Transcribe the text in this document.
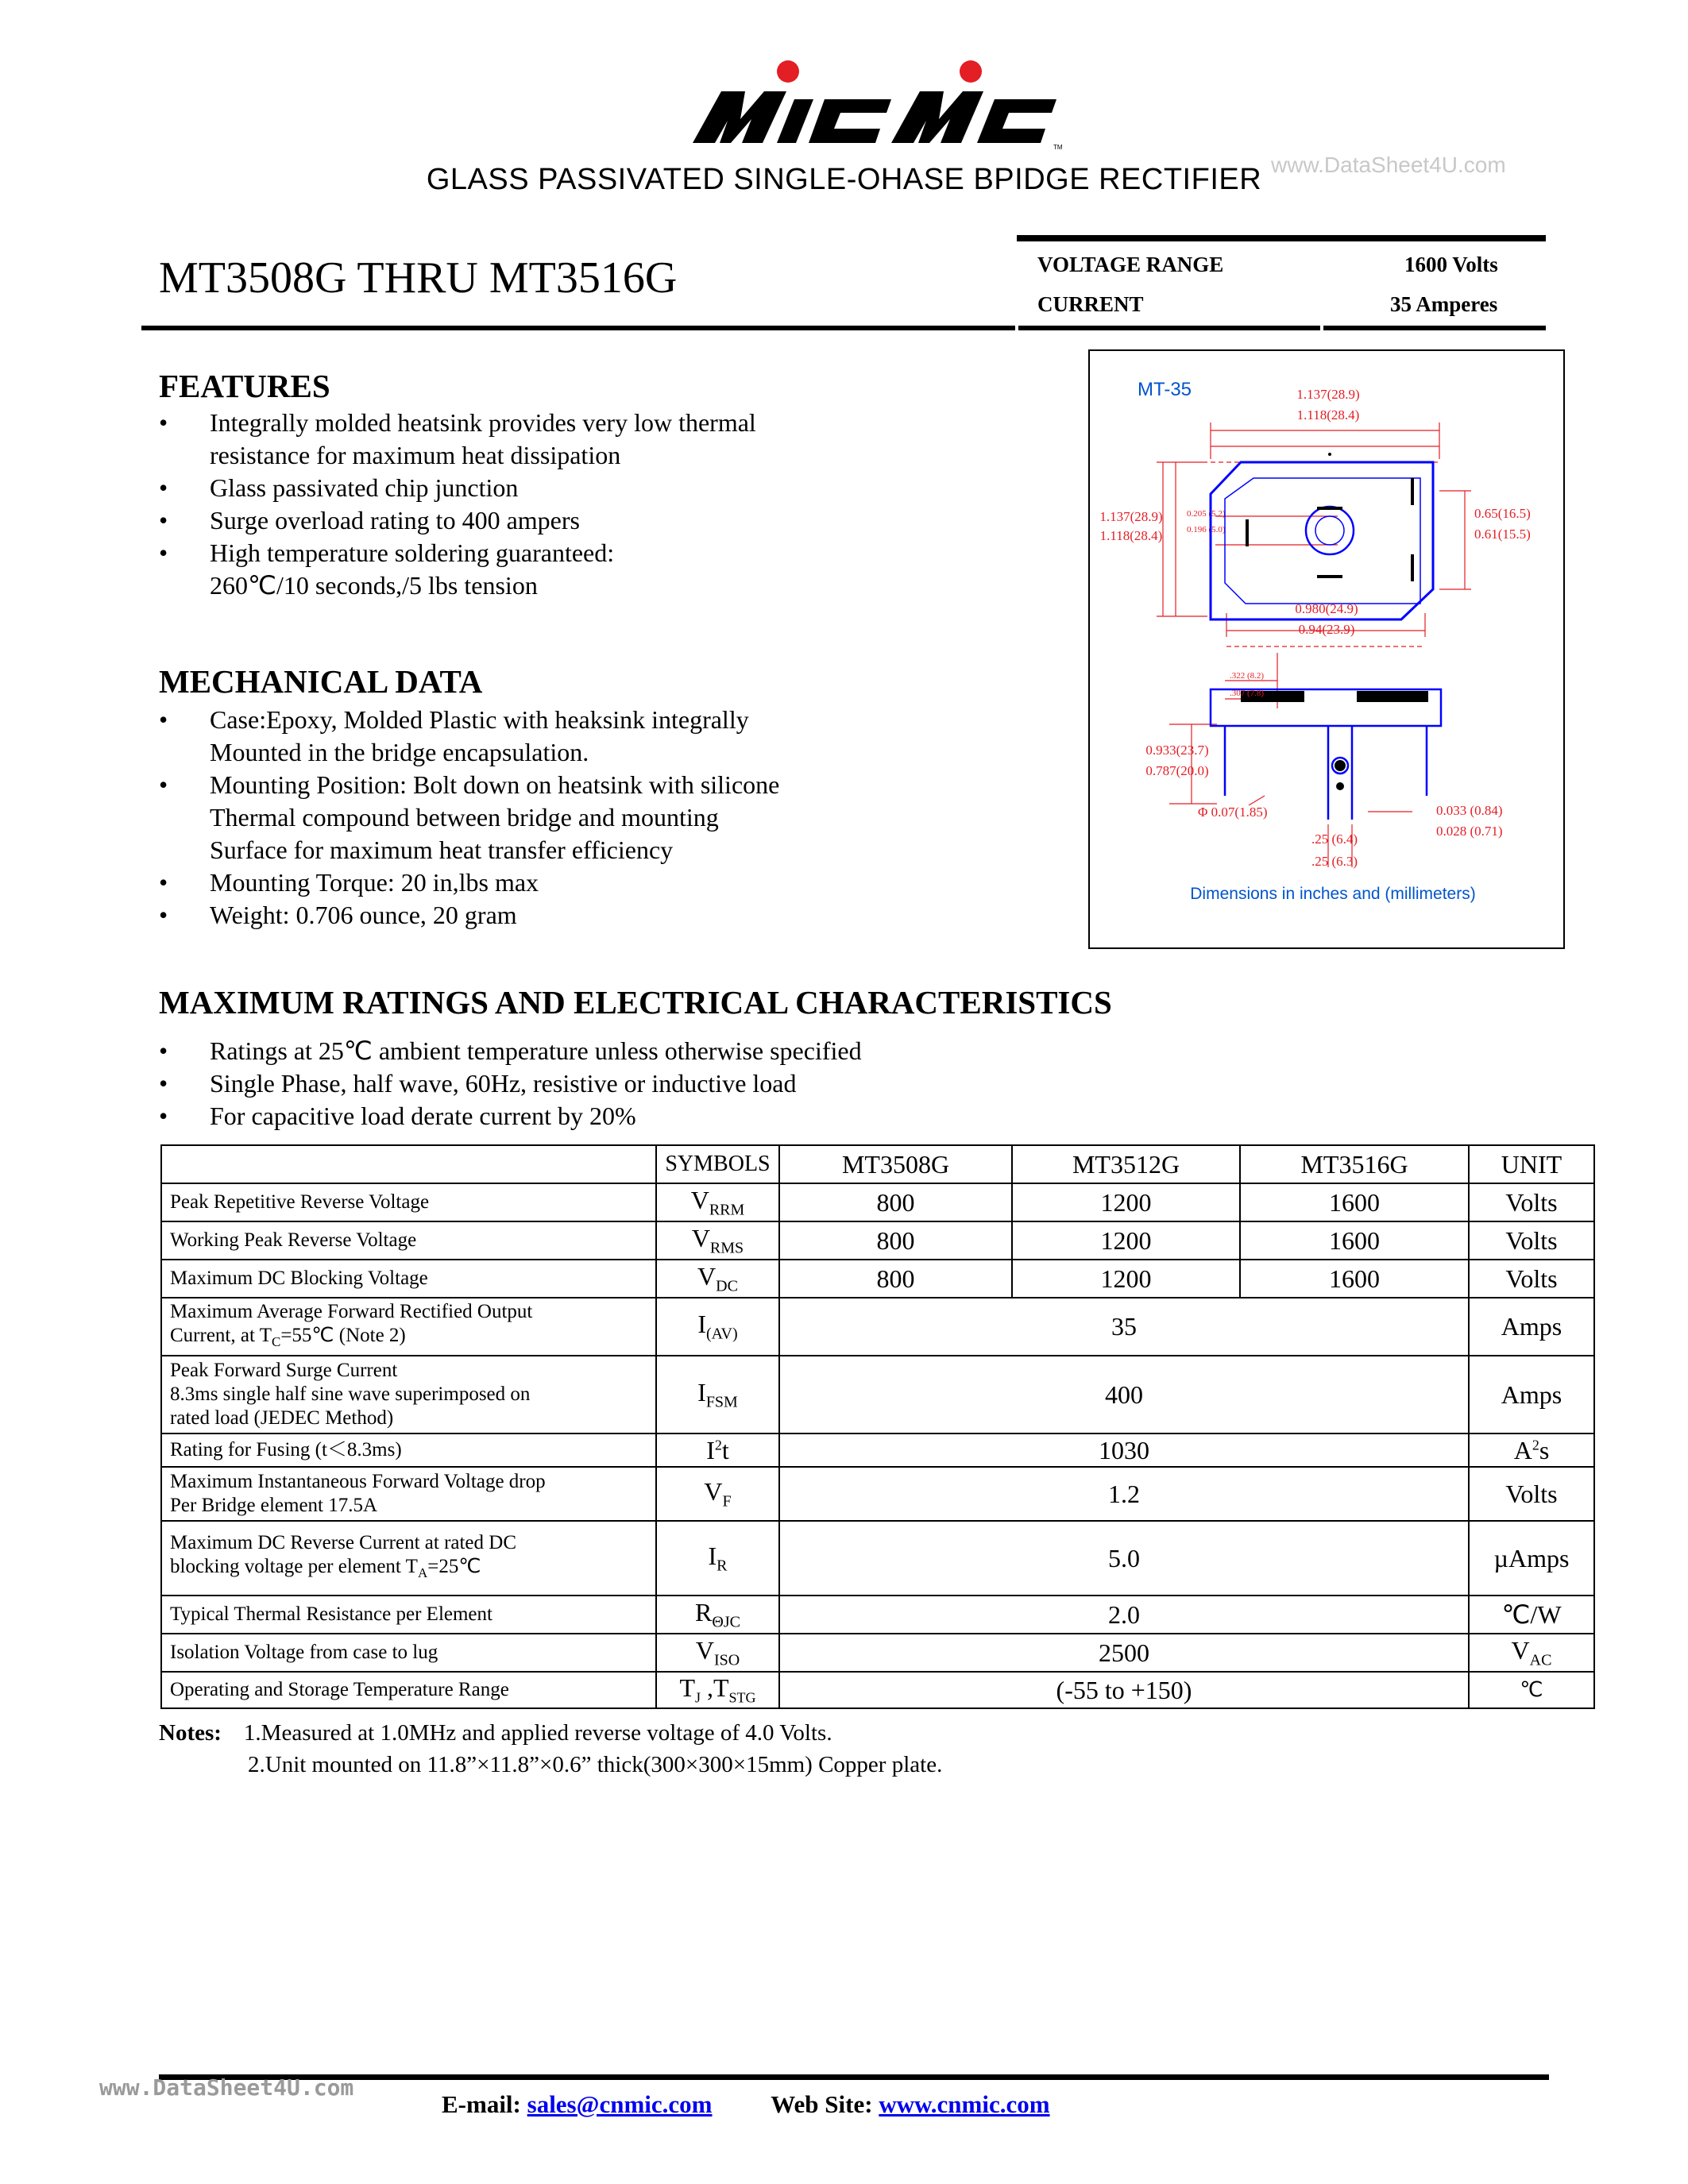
TM
www.DataSheet4U.com
GLASS PASSIVATED SINGLE-OHASE BPIDGE RECTIFIER
MT3508G THRU MT3516G	VOLTAGE RANGE	1600 Volts
CURRENT	35 Amperes
FEATURES
• Integrally molded heatsink provides very low thermal
resistance for maximum heat dissipation
• Glass passivated chip junction
• Surge overload rating to 400 ampers
• High temperature soldering guaranteed:
260℃/10 seconds,/5 lbs tension
MECHANICAL DATA
• Case:Epoxy, Molded Plastic with heaksink integrally
Mounted in the bridge encapsulation.
• Mounting Position: Bolt down on heatsink with silicone
Thermal compound between bridge and mounting
Surface for maximum heat transfer efficiency
• Mounting Torque: 20 in,lbs max
• Weight: 0.706 ounce, 20 gram
MT-35	1.137(28.9)
1.118(28.4)
1.137(28.9)
1.118(28.4)
0.205 (5.2)
0.196 (5.0)
0.65(16.5)
0.61(15.5)
0.980(24.9)
0.94(23.9)
.322 (8.2)
.307 (7.8)
0.933(23.7)
0.787(20.0)
Φ 0.07(1.85)	0.033 (0.84)
0.028 (0.71)
.25 (6.4)
.25 (6.3)
Dimensions in inches and (millimeters)
MAXIMUM RATINGS AND ELECTRICAL CHARACTERISTICS
• Ratings at 25℃ ambient temperature unless otherwise specified
• Single Phase, half wave, 60Hz, resistive or inductive load
• For capacitive load derate current by 20%
	SYMBOLS	MT3508G	MT3512G	MT3516G	UNIT
Peak Repetitive Reverse Voltage	$V_{RRM}$	800	1200	1600	Volts
Working Peak Reverse Voltage	$V_{RMS}$	800	1200	1600	Volts
Maximum DC Blocking Voltage	$V_{DC}$	800	1200	1600	Volts

Maximum Average Forward Rectified Output
Current, at $T_C=55℃$ (Note 2)	$I_{(AV)}$	35			Amps

Peak Forward Surge Current
8.3ms single half sine wave superimposed on
rated load (JEDEC Method)	$I_{FSM}$	400			Amps
Rating for Fusing (t＜8.3ms)	$I^2t$	1030			$A^2s$

Maximum Instantaneous Forward Voltage drop
Per Bridge element 17.5A	$V_F$	1.2			Volts

Maximum DC Reverse Current at rated DC
blocking voltage per element $T_A=25℃$	$I_R$	5.0			µAmps
Typical Thermal Resistance per Element	$R_{\Theta JC}$	2.0			℃/W
Isolation Voltage from case to lug	$V_{ISO}$	2500			$V_{AC}$
Operating and Storage Temperature Range	$T_J$ $,T_{STG}$	(-55 to +150)			℃
Notes: 1.Measured at 1.0MHz and applied reverse voltage of 4.0 Volts.
2.Unit mounted on 11.8”×11.8”×0.6” thick(300×300×15mm) Copper plate.
www.DataSheet4U.com
E-mail: sales@cnmic.com Web Site: www.cnmic.com
